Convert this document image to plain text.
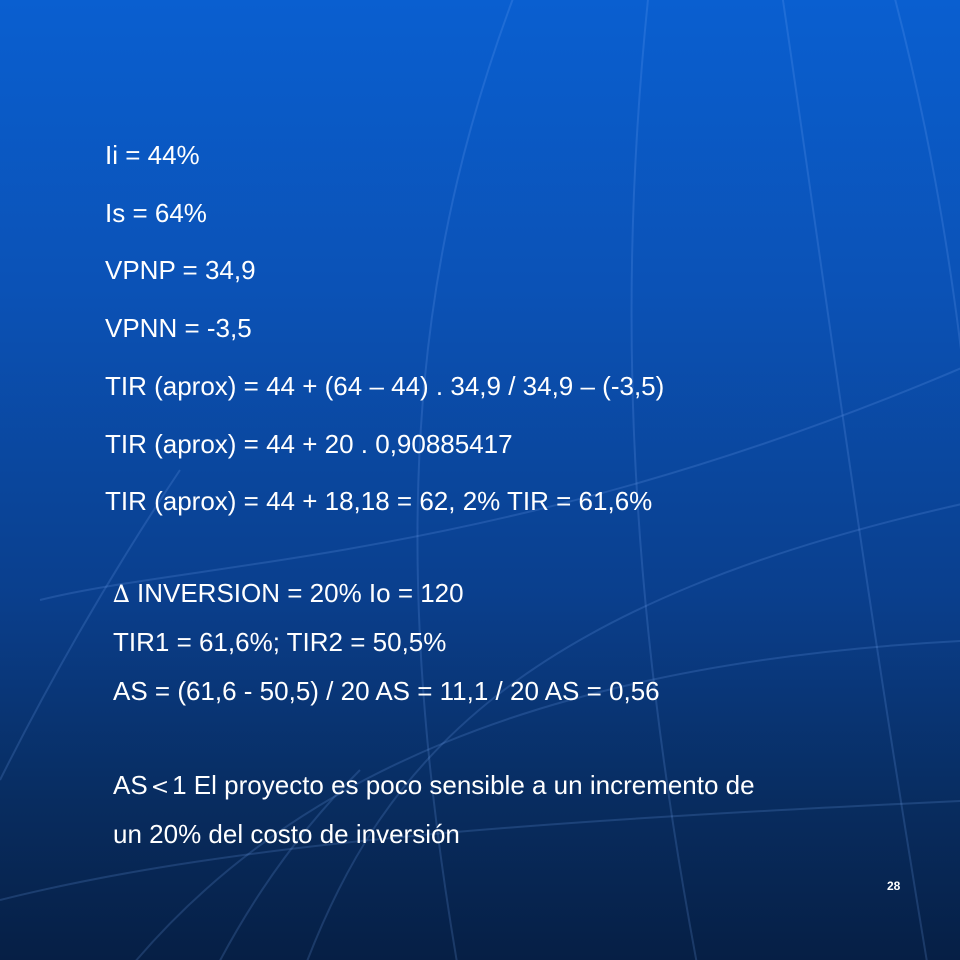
Ii = 44%
Is = 64%
VPNP = 34,9
VPNN = -3,5
TIR (aprox) = 44 + (64 – 44) . 34,9 / 34,9 – (-3,5)
TIR (aprox) = 44 + 20 . 0,90885417
TIR (aprox) = 44 + 18,18 = 62, 2% TIR = 61,6%
∆ INVERSION = 20% Io = 120
TIR1 = 61,6%; TIR2 = 50,5%
AS = (61,6 - 50,5) / 20 AS = 11,1 / 20 AS = 0,56
AS < 1 El proyecto es poco sensible a un incremento de
un 20% del costo de inversión
28
